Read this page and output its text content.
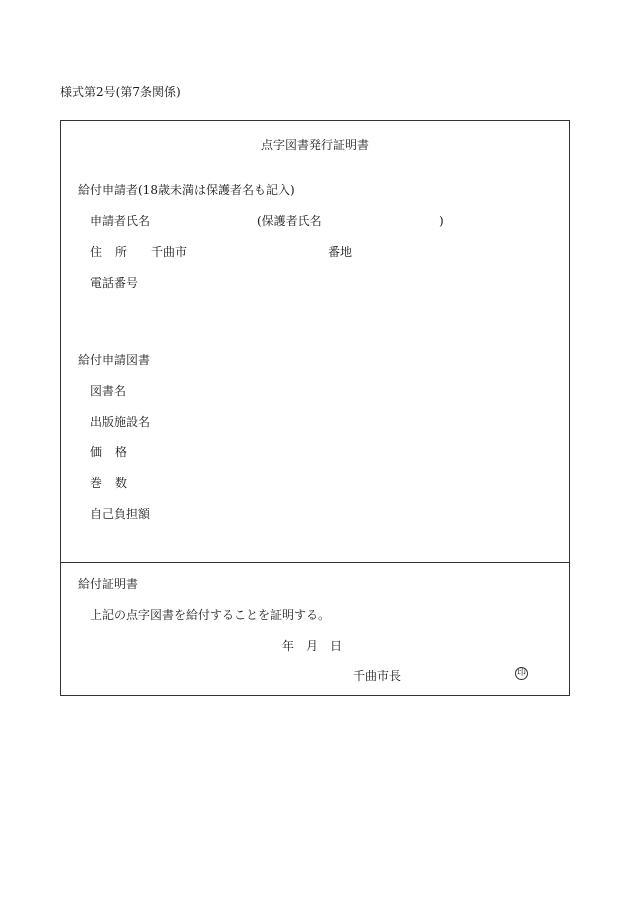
様式第2号(第7条関係)
点字図書発行証明書
給付申請者(18歳未満は保護者名も記入)
申請者氏名	(保護者氏名	)
住 所 千曲市	番地
電話番号
給付申請図書
図書名
出版施設名
価 格
巻 数
自己負担額
給付証明書
上記の点字図書を給付することを証明する。
年 月 日
千曲市長	印
